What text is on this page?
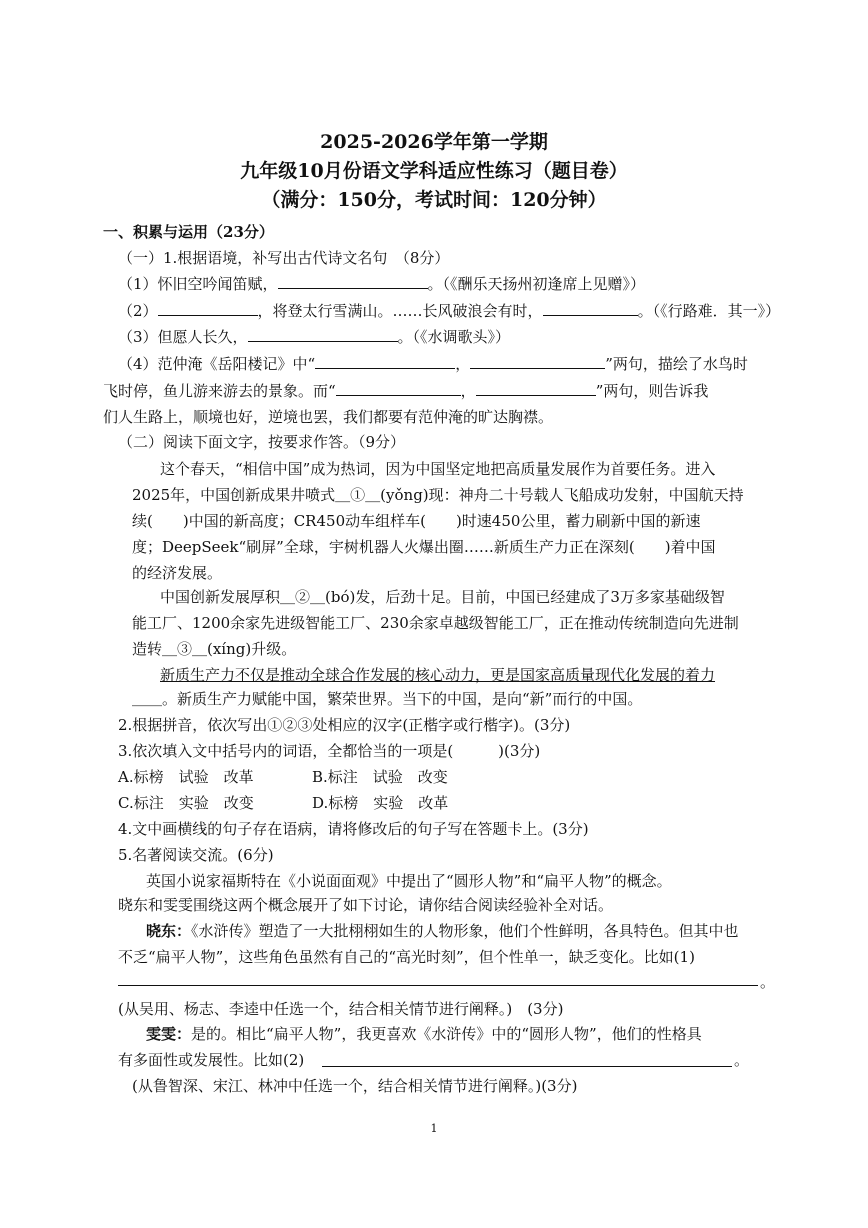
2025-2026学年第一学期
九年级10月份语文学科适应性练习（题目卷）
（满分：150分，考试时间：120分钟）
一、积累与运用（23分）
（一）1.根据语境，补写出古代诗文名句　（8分）
（1）怀旧空吟闻笛赋，	。（《酬乐天扬州初逢席上见赠》）
（2）	，将登太行雪满山。……长风破浪会有时，	。（《行路难．其一》）
（3）但愿人长久，	。（《水调歌头》）
（4）范仲淹《岳阳楼记》中“	，	”两句，描绘了水鸟时
飞时停，鱼儿游来游去的景象。而“	，	”两句，则告诉我
们人生路上，顺境也好，逆境也罢，我们都要有范仲淹的旷达胸襟。
（二）阅读下面文字，按要求作答。（9分）
这个春天，“相信中国”成为热词，因为中国坚定地把高质量发展作为首要任务。进入
2025年，中国创新成果井喷式＿①＿(yǒng)现：神舟二十号载人飞船成功发射，中国航天持
续(　　)中国的新高度；CR450动车组样车(　　)时速450公里，蓄力刷新中国的新速
度；DeepSeek“刷屏”全球，宇树机器人火爆出圈……新质生产力正在深刻(　　)着中国
的经济发展。
中国创新发展厚积＿②＿(bó)发，后劲十足。目前，中国已经建成了3万多家基础级智
能工厂、1200余家先进级智能工厂、230余家卓越级智能工厂，正在推动传统制造向先进制
造转＿③＿(xíng)升级。
新质生产力不仅是推动全球合作发展的核心动力，更是国家高质量现代化发展的着力
＿＿。新质生产力赋能中国，繁荣世界。当下的中国，是向“新”而行的中国。
2.根据拼音，依次写出①②③处相应的汉字(正楷字或行楷字)。(3分)
3.依次填入文中括号内的词语，全都恰当的一项是(　　　)(3分)
A.标榜　试验　改革	B.标注　试验　改变
C.标注　实验　改变	D.标榜　实验　改革
4.文中画横线的句子存在语病，请将修改后的句子写在答题卡上。(3分)
5.名著阅读交流。(6分)
英国小说家福斯特在《小说面面观》中提出了“圆形人物”和“扁平人物”的概念。
晓东和雯雯围绕这两个概念展开了如下讨论，请你结合阅读经验补全对话。
晓东：《水浒传》塑造了一大批栩栩如生的人物形象，他们个性鲜明，各具特色。但其中也
不乏“扁平人物”，这些角色虽然有自己的“高光时刻”，但个性单一，缺乏变化。比如(1)
。
(从吴用、杨志、李逵中任选一个，结合相关情节进行阐释。)　(3分)
雯雯：是的。相比“扁平人物”，我更喜欢《水浒传》中的“圆形人物”，他们的性格具
有多面性或发展性。比如(2)	。
(从鲁智深、宋江、林冲中任选一个，结合相关情节进行阐释。)(3分)
1
